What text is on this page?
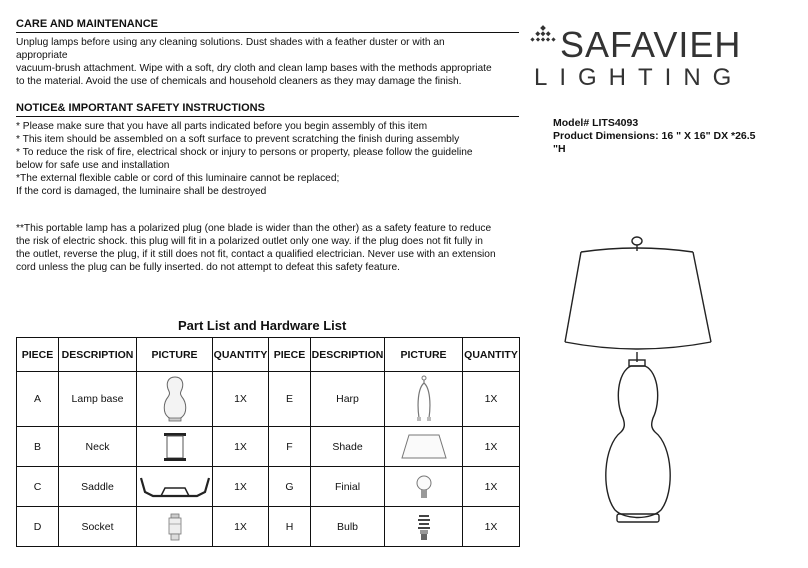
CARE AND MAINTENANCE
Unplug lamps before using any cleaning solutions. Dust shades with a feather duster or with an
appropriate
vacuum-brush attachment. Wipe with a soft, dry cloth and clean lamp bases with the methods appropriate
to the material. Avoid the use of chemicals and household cleaners as they may damage the finish.
NOTICE& IMPORTANT SAFETY INSTRUCTIONS
* Please make sure that you have all parts indicated before you begin assembly of this item
* This item should be assembled on a soft surface to prevent scratching the finish during assembly
* To reduce the risk of fire, electrical shock or injury to persons or property, please follow the guideline
below for safe use and installation
*The external flexible cable or cord of this luminaire cannot be replaced;
If the cord is damaged, the luminaire shall be destroyed
**This portable lamp has a polarized plug (one blade is wider than the other) as a safety feature to reduce
the risk of electric shock. this plug will fit in a polarized outlet only one way. if the plug does not fit fully in
the outlet, reverse the plug, if it still does not fit, contact a qualified electrician. Never use with an extension
cord unless the plug can be fully inserted. do not attempt to defeat this safety feature.
Part List and Hardware List
PIECE	DESCRIPTION	PICTURE	QUANTITY	PIECE	DESCRIPTION	PICTURE	QUANTITY
A	Lamp base		1X	E	Harp		1X
B	Neck		1X	F	Shade		1X
C	Saddle		1X	G	Finial		1X
D	Socket		1X	H	Bulb		1X
SAFAVIEH
LIGHTING
Model# LITS4093
Product Dimensions: 16 " X 16" DX *26.5
"H
